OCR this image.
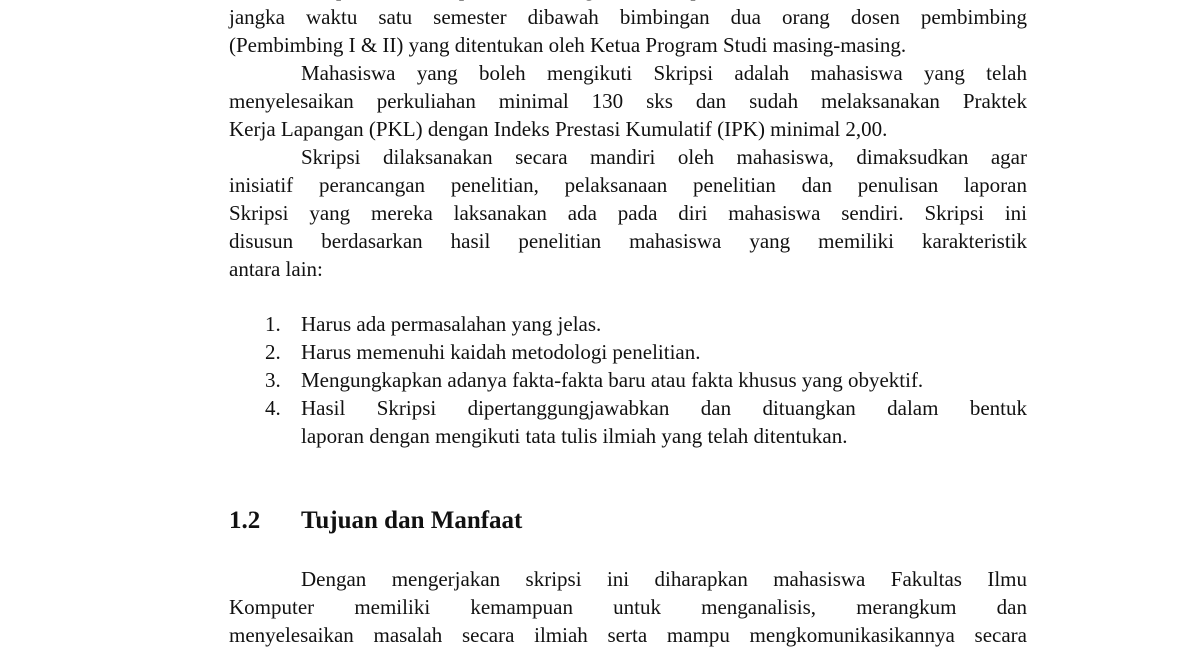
jangka waktu satu semester dibawah bimbingan dua orang dosen pembimbing
(Pembimbing I & II) yang ditentukan oleh Ketua Program Studi masing-masing.
Mahasiswa yang boleh mengikuti Skripsi adalah mahasiswa yang telah
menyelesaikan perkuliahan minimal 130 sks dan sudah melaksanakan Praktek
Kerja Lapangan (PKL) dengan Indeks Prestasi Kumulatif (IPK) minimal 2,00.
Skripsi dilaksanakan secara mandiri oleh mahasiswa, dimaksudkan agar
inisiatif perancangan penelitian, pelaksanaan penelitian dan penulisan laporan
Skripsi yang mereka laksanakan ada pada diri mahasiswa sendiri. Skripsi ini
disusun berdasarkan hasil penelitian mahasiswa yang memiliki karakteristik
antara lain:
1. Harus ada permasalahan yang jelas.
2. Harus memenuhi kaidah metodologi penelitian.
3. Mengungkapkan adanya fakta-fakta baru atau fakta khusus yang obyektif.
4. Hasil Skripsi dipertanggungjawabkan dan dituangkan dalam bentuk
laporan dengan mengikuti tata tulis ilmiah yang telah ditentukan.
1.2 Tujuan dan Manfaat
Dengan mengerjakan skripsi ini diharapkan mahasiswa Fakultas Ilmu
Komputer memiliki kemampuan untuk menganalisis, merangkum dan
menyelesaikan masalah secara ilmiah serta mampu mengkomunikasikannya secara
